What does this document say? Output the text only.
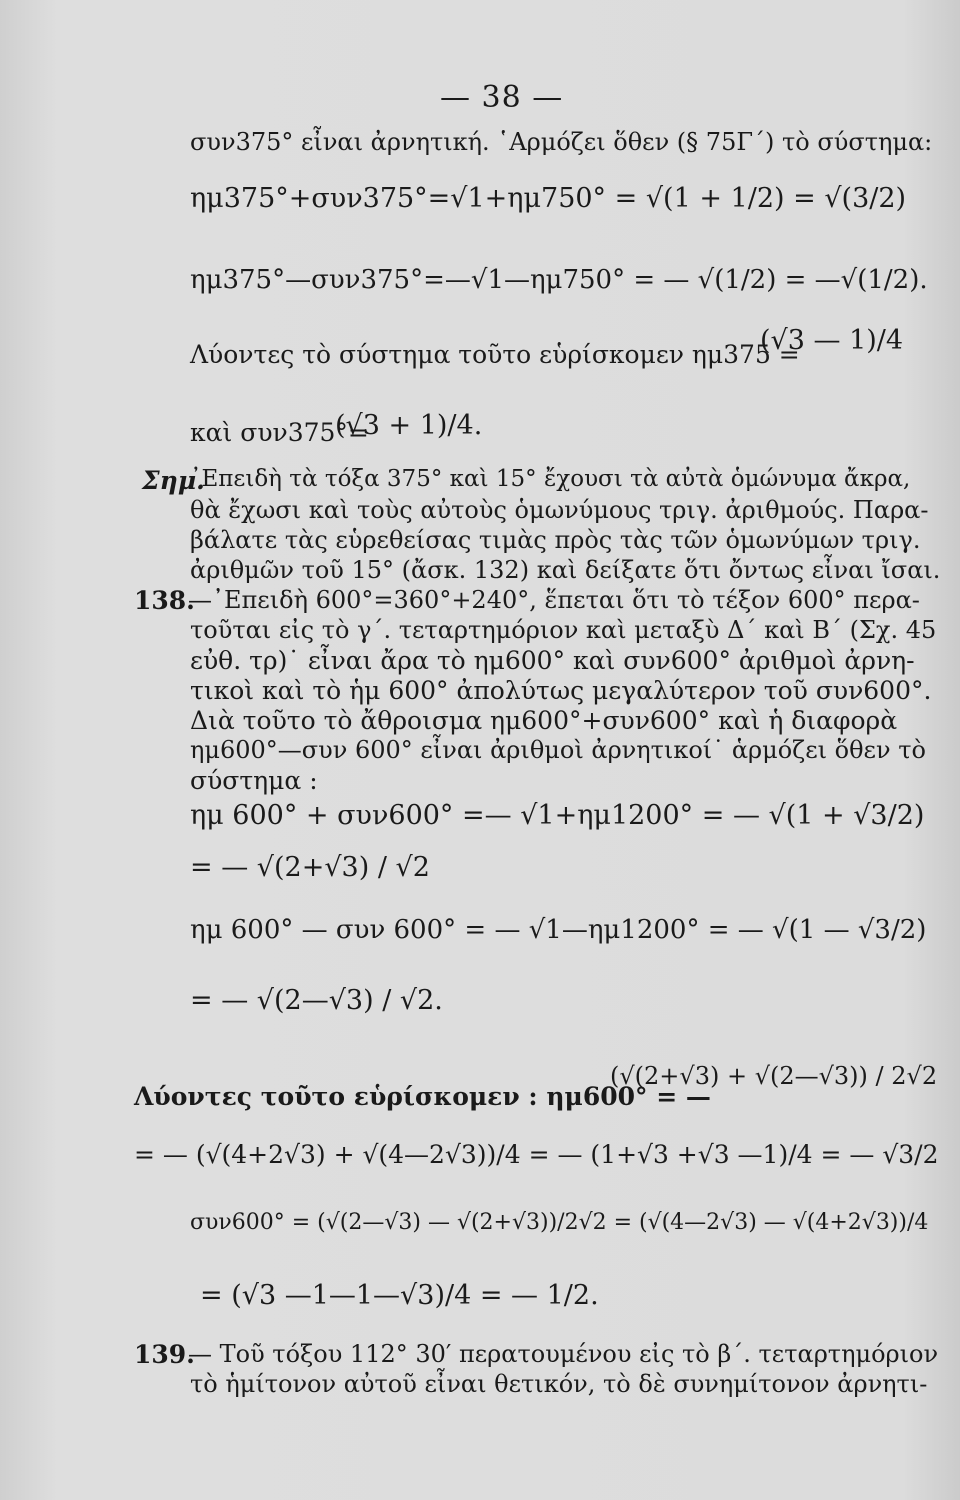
— 38 —
συν375° εἶναι ἀρνητική. ῾Αρμόζει ὅθεν (§ 75Γ΄) τὸ σύστημα:
ημ375°+συν375°=√1+ημ750° = √(1 + 1/2) = √(3/2)
ημ375°—συν375°=—√1—ημ750° = — √(1/2) = —√(1/2).
Λύοντες τὸ σύστημα τοῦτο εὑρίσκομεν ημ375 =
(√3 — 1)/4
καὶ συν375°=
(√3 + 1)/4.
Σημ.
᾿Επειδὴ τὰ τόξα 375° καὶ 15° ἔχουσι τὰ αὐτὰ ὁμώνυμα ἄκρα,
θὰ ἔχωσι καὶ τοὺς αὐτοὺς ὁμωνύμους τριγ. ἀριθμούς. Παρα-
βάλατε τὰς εὑρεθείσας τιμὰς πρὸς τὰς τῶν ὁμωνύμων τριγ.
ἀριθμῶν τοῦ 15° (ἄσκ. 132) καὶ δείξατε ὅτι ὄντως εἶναι ἴσαι.
138.
—᾿Επειδὴ 600°=360°+240°, ἕπεται ὅτι τὸ τέξον 600° περα-
τοῦται εἰς τὸ γ΄. τεταρτημόριον καὶ μεταξὺ Δ΄ καὶ Β΄ (Σχ. 45
εὐθ. τρ)˙ εἶναι ἄρα τὸ ημ600° καὶ συν600° ἀριθμοὶ ἀρνη-
τικοὶ καὶ τὸ ἡμ 600° ἀπολύτως μεγαλύτερον τοῦ συν600°.
Διὰ τοῦτο τὸ ἄθροισμα ημ600°+συν600° καὶ ἡ διαφορὰ
ημ600°—συν 600° εἶναι ἀριθμοὶ ἀρνητικοί˙ ἁρμόζει ὅθεν τὸ
σύστημα :
ημ 600° + συν600° =— √1+ημ1200° = — √(1 + √3/2)
= — √(2+√3) / √2
ημ 600° — συν 600° = — √1—ημ1200° = — √(1 — √3/2)
= — √(2—√3) / √2.
Λύοντες τοῦτο εὑρίσκομεν : ημ600° = —
(√(2+√3) + √(2—√3)) / 2√2
= — (√(4+2√3) + √(4—2√3))/4 = — (1+√3 +√3 —1)/4 = — √3/2
συν600° = (√(2—√3) — √(2+√3))/2√2 = (√(4—2√3) — √(4+2√3))/4
= (√3 —1—1—√3)/4 = — 1/2.
139.
— Τοῦ τόξου 112° 30′ περατουμένου εἰς τὸ β΄. τεταρτημόριον
τὸ ἡμίτονον αὐτοῦ εἶναι θετικόν, τὸ δὲ συνημίτονον ἀρνητι-
